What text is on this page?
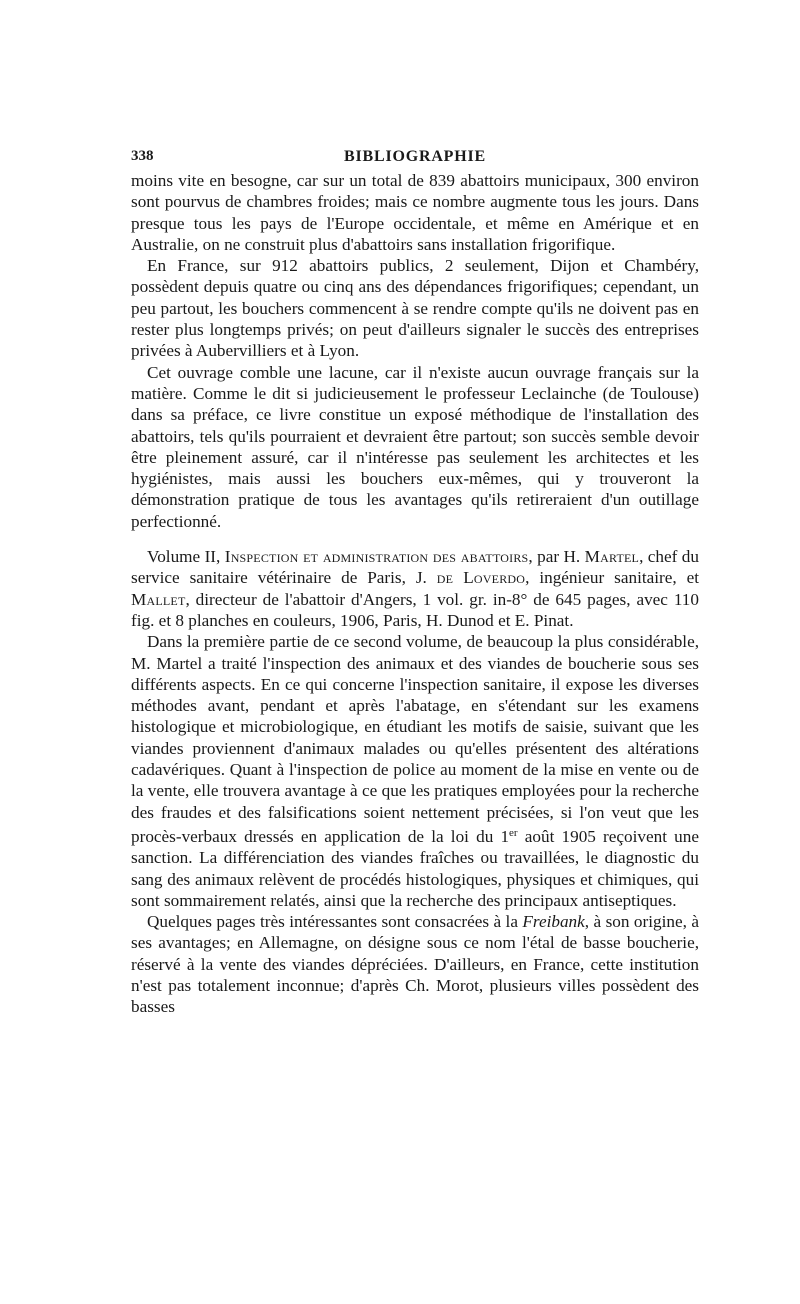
338	BIBLIOGRAPHIE

moins vite en besogne, car sur un total de 839 abattoirs municipaux, 300 environ sont pourvus de chambres froides; mais ce nombre augmente tous les jours. Dans presque tous les pays de l'Europe occidentale, et même en Amérique et en Australie, on ne construit plus d'abattoirs sans installation frigorifique.

En France, sur 912 abattoirs publics, 2 seulement, Dijon et Chambéry, possèdent depuis quatre ou cinq ans des dépendances frigorifiques; cependant, un peu partout, les bouchers commencent à se rendre compte qu'ils ne doivent pas en rester plus longtemps privés; on peut d'ailleurs signaler le succès des entreprises privées à Aubervilliers et à Lyon.

Cet ouvrage comble une lacune, car il n'existe aucun ouvrage français sur la matière. Comme le dit si judicieusement le professeur Leclainche (de Toulouse) dans sa préface, ce livre constitue un exposé méthodique de l'installation des abattoirs, tels qu'ils pourraient et devraient être partout; son succès semble devoir être pleinement assuré, car il n'intéresse pas seulement les architectes et les hygiénistes, mais aussi les bouchers eux-mêmes, qui y trouveront la démonstration pratique de tous les avantages qu'ils retireraient d'un outillage perfectionné.

Volume II, Inspection et administration des abattoirs, par H. Martel, chef du service sanitaire vétérinaire de Paris, J. de Loverdo, ingénieur sanitaire, et Mallet, directeur de l'abattoir d'Angers, 1 vol. gr. in-8° de 645 pages, avec 110 fig. et 8 planches en couleurs, 1906, Paris, H. Dunod et E. Pinat.

Dans la première partie de ce second volume, de beaucoup la plus considérable, M. Martel a traité l'inspection des animaux et des viandes de boucherie sous ses différents aspects. En ce qui concerne l'inspection sanitaire, il expose les diverses méthodes avant, pendant et après l'abatage, en s'étendant sur les examens histologique et microbiologique, en étudiant les motifs de saisie, suivant que les viandes proviennent d'animaux malades ou qu'elles présentent des altérations cadavériques. Quant à l'inspection de police au moment de la mise en vente ou de la vente, elle trouvera avantage à ce que les pratiques employées pour la recherche des fraudes et des falsifications soient nettement précisées, si l'on veut que les procès-verbaux dressés en application de la loi du 1er août 1905 reçoivent une sanction. La différenciation des viandes fraîches ou travaillées, le diagnostic du sang des animaux relèvent de procédés histologiques, physiques et chimiques, qui sont sommairement relatés, ainsi que la recherche des principaux antiseptiques.

Quelques pages très intéressantes sont consacrées à la Freibank, à son origine, à ses avantages; en Allemagne, on désigne sous ce nom l'étal de basse boucherie, réservé à la vente des viandes dépréciées. D'ailleurs, en France, cette institution n'est pas totalement inconnue; d'après Ch. Morot, plusieurs villes possèdent des basses
